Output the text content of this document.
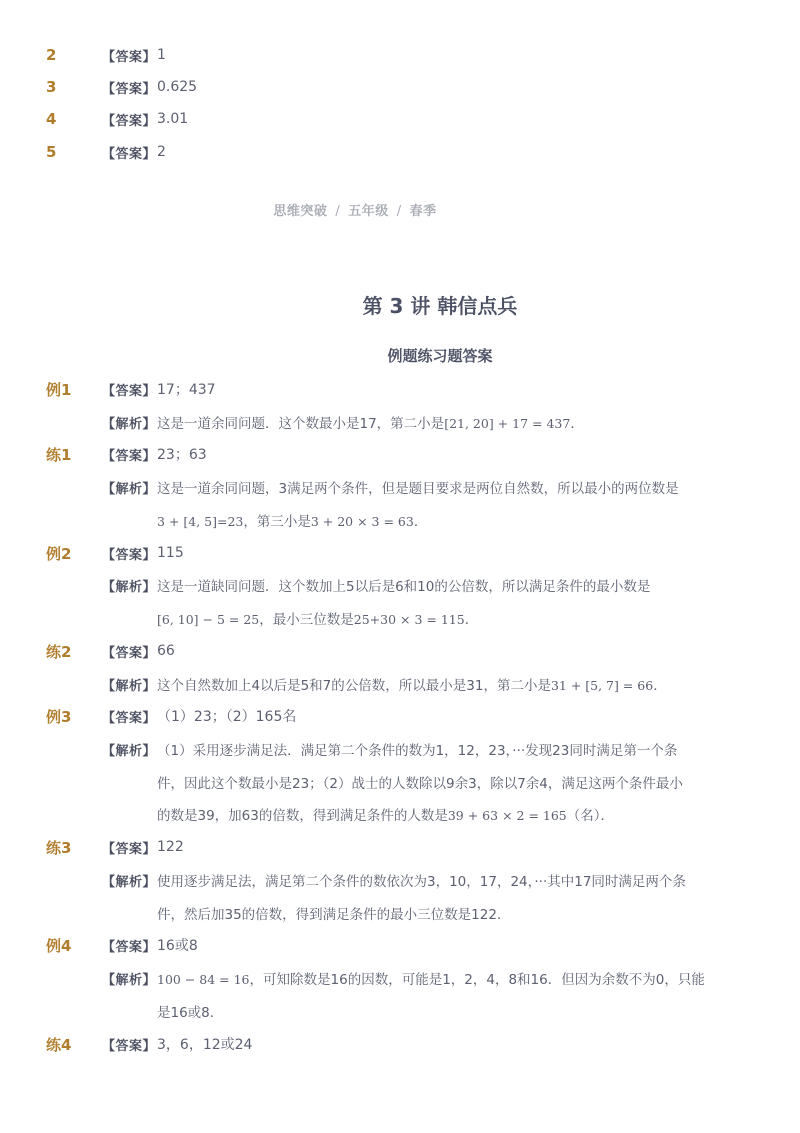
2	【答案】 1
3	【答案】 0.625
4	【答案】 3.01
5	【答案】 2
思维突破 / 五年级 / 春季
第 3 讲 韩信点兵
例题练习题答案
例1 【答案】 17；437
【解析】 这是一道余同问题．这个数最小是17，第二小是[21, 20] + 17 = 437．
练1 【答案】 23；63
【解析】 这是一道余同问题，3满足两个条件，但是题目要求是两位自然数，所以最小的两位数是
3 + [4, 5]=23，第三小是3 + 20 × 3 = 63．
例2 【答案】 115
【解析】 这是一道缺同问题．这个数加上5以后是6和10的公倍数，所以满足条件的最小数是
[6, 10] − 5 = 25，最小三位数是25+30 × 3 = 115．
练2 【答案】 66
【解析】 这个自然数加上4以后是5和7的公倍数，所以最小是31，第二小是31 + [5, 7] = 66．
例3 【答案】 （1）23；（2）165名
【解析】 （1）采用逐步满足法．满足第二个条件的数为1，12，23，···发现23同时满足第一个条
件，因此这个数最小是23；（2）战士的人数除以9余3，除以7余4，满足这两个条件最小
的数是39，加63的倍数，得到满足条件的人数是39 + 63 × 2 = 165（名）．
练3 【答案】 122
【解析】 使用逐步满足法，满足第二个条件的数依次为3，10，17，24，···其中17同时满足两个条
件，然后加35的倍数，得到满足条件的最小三位数是122．
例4 【答案】 16或8
【解析】 100 − 84 = 16，可知除数是16的因数，可能是1，2，4，8和16．但因为余数不为0，只能
是16或8．
练4 【答案】 3，6，12或24
